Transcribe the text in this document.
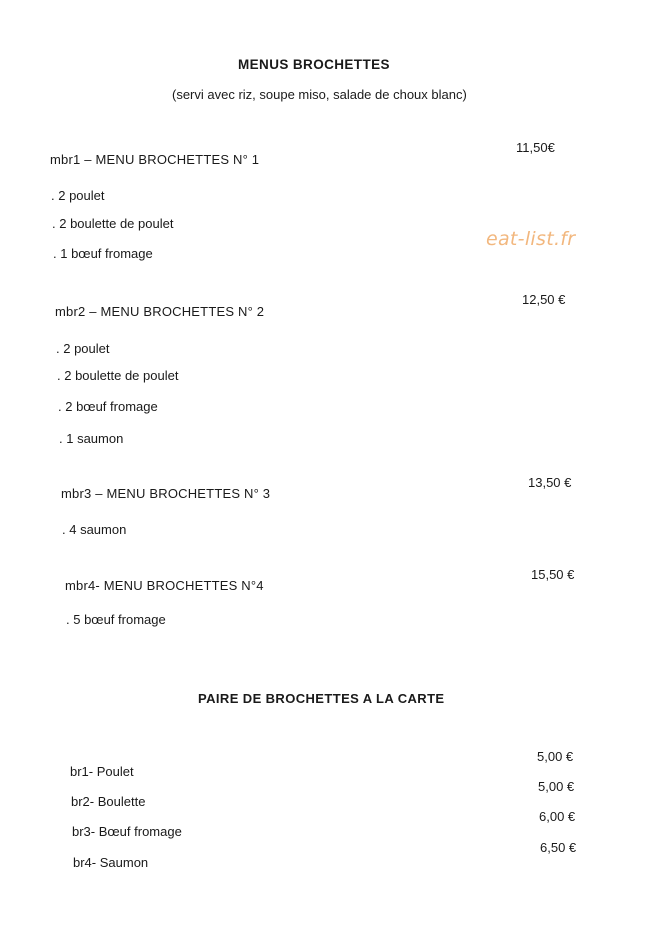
MENUS BROCHETTES
(servi avec riz, soupe miso, salade de choux blanc)
eat-list.fr
mbr1 – MENU BROCHETTES N° 1
11,50€
. 2 poulet
. 2 boulette de poulet
. 1 bœuf fromage
mbr2 – MENU BROCHETTES N° 2
12,50 €
. 2 poulet
. 2 boulette de poulet
. 2 bœuf fromage
. 1 saumon
mbr3 – MENU BROCHETTES N° 3
13,50 €
. 4 saumon
mbr4- MENU BROCHETTES N°4
15,50 €
. 5 bœuf fromage
PAIRE DE BROCHETTES A LA CARTE
br1- Poulet
5,00 €
br2- Boulette
5,00 €
br3- Bœuf fromage
6,00 €
br4- Saumon
6,50 €
